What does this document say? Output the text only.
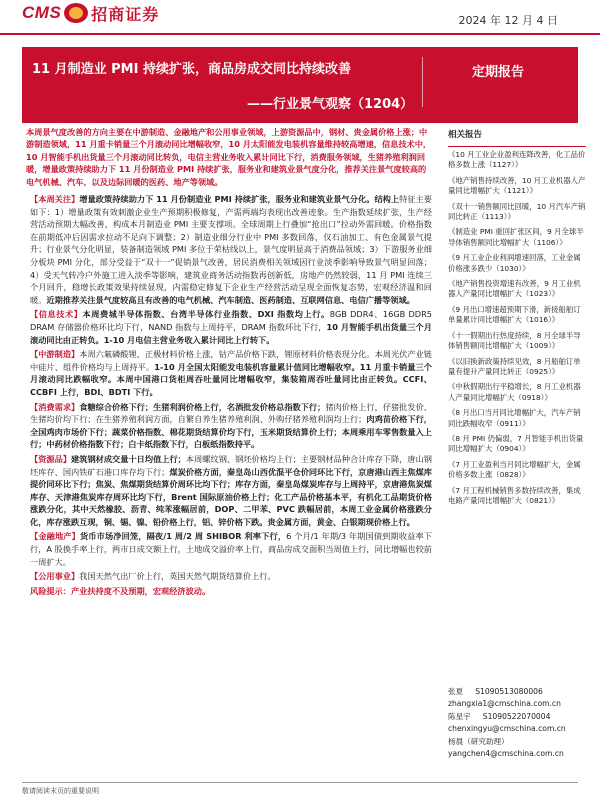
CMS 招商证券	2024 年 12 月 4 日
11 月制造业 PMI 持续扩张，商品房成交同比持续改善
——行业景气观察（1204）
定期报告
本周景气度改善的方向主要在中游制造、金融地产和公用事业领域，上游资源品中，钢材、贵金属价格上涨；中游制造领域，11 月重卡销量三个月滚动同比增幅收窄，10 月太阳能发电装机容量维持较高增速，信息技术中，10 月智能手机出货量三个月滚动同比转负，电信主营业务收入累计同比下行，消费服务领域，生猪养殖利润回暖，增量政策持续助力下 11 月份制造业 PMI 持续扩张，服务业和建筑业景气度分化，推荐关注景气度较高的电气机械、汽车、以及边际回暖的医药、地产等领域。
【本周关注】增量政策持续助力下 11 月份制造业 PMI 持续扩张，服务业和建筑业景气分化。结构上特征主要如下：1）增量政策有效刺激企业生产预期积极修复，产需两端均表现出改善迹象。生产指数延续扩张，生产经营活动预期大幅改善，构成本月制造业 PMI 主要支撑项。全球周期上行叠加“抢出口”拉动外需回暖。价格指数在前期低冲后因需求拉动不足向下调整；2）制造业细分行业中 PMI 多数回落，仅石油加工、有色金属景气提升；行业景气分化明显，装备制造领域 PMI 多位于荣枯线以上，景气度明显高于消费品领域；3）下游服务业细分板块 PMI 分化，部分受益于“双十一”促销景气改善，居民消费相关领域因行业淡季影响导致景气明显回落；4）受天气转冷户外施工进入淡季等影响，建筑业商务活动指数再创新低，房地产仍然较弱，11 月 PMI 连续三个月回升，稳增长政策效果持续显现，内需稳定修复下企业生产经营活动呈现全面恢复态势，宏观经济温和回暖。近期推荐关注景气度较高且有改善的电气机械、汽车制造、医药制造、互联网信息、电信广播等领域。
【信息技术】本周费城半导体指数、台湾半导体行业指数、DXI 指数均上行。8GB DDR4、16GB DDR5 DRAM 存储器价格环比均下行，NAND 指数与上周持平，DRAM 指数环比下行，10 月智能手机出货量三个月滚动同比由正转负。1-10 月电信主营业务收入累计同比上行转下。
【中游制造】本周六氟磷酸锂、正极材料价格上涨，钴产品价格下跌，锂原材料价格表现分化。本周光伏产业链中硅片、组件价格均与上周持平。1-10 月全国太阳能发电装机容量累计值同比增幅收窄。11 月重卡销量三个月滚动同比跌幅收窄。本周中国港口货柜周吞吐量同比增幅收窄，集装箱周吞吐量同比由正转负。CCFI、CCBFI 上行，BDI、BDTI 下行。
【消费需求】食糖综合价格下行；生猪利润价格上行，名酒批发价格总指数下行；猪肉价格上行，仔猪批发价、生猪均价均下行；在生猪养殖利润方面，自繁自养生猪养殖利润、外购仔猪养殖利润均上行；肉鸡苗价格下行，全国鸡肉市场价下行；蔬菜价格指数、棉花期货结算价均下行，玉米期货结算价上行；本周乘用车零售数量入上行；中药材价格指数下行；白卡纸指数下行，白板纸指数持平。
【资源品】建筑钢材成交量十日均值上行；本周螺纹钢、钢坯价格均上行；主要钢材品种合计库存下降，唐山钢坯库存、国内铁矿石港口库存均下行；煤炭价格方面，秦皇岛山西优混平仓价同环比下行，京唐港山西主焦煤库提价同环比下行；焦炭、焦煤期货结算价周环比均下行；库存方面，秦皇岛煤炭库存与上周持平，京唐港焦炭煤库存、天津港焦炭库存周环比均下行，Brent 国际原油价格上行；化工产品价格基本平，有机化工品期货价格涨跌分化，其中天然橡胶、沥青、纯苯涨幅居前，DOP、二甲苯、PVC 跌幅居前，本周工业金属价格涨跌分化，库存涨跌互现，铜、锡、镍、铅价格上行，铝、锌价格下跌。贵金属方面，黄金、白银期现价格上行。
【金融地产】货币市场净回笼，隔夜/1 周/2 周 SHIBOR 利率下行，6 个月/1 年期/3 年期国债到期收益率下行，A 股换手率上行，两市日成交额上行，土地成交溢价率上行，商品房成交面积当周值上行，同比增幅也较前一周扩大。
【公用事业】我国天然气出厂价上行，英国天然气期货结算价上行。
风险提示：产业扶持度不及预期，宏观经济波动。
相关报告
《10 月工业企业盈利连降改善，化工品价格多数上涨（1127）》
《地产销售持续改善，10 月工业机器人产量同比增幅扩大（1121）》
《双十一销售额同比回暖，10 月汽车产销同比转正（1113）》
《制造业 PMI 重回扩张区间，9 月全球半导体销售额同比增幅扩大（1106）》
《9 月工业企业利润增速回落，工业金属价格涨多跌少（1030）》
《地产销售投资增速有改善，9 月工业机器人产量同比增幅扩大（1023）》
《9 月出口增速超预期下滑，新接船舶订单量累计同比增幅扩大（1016）》
《十一假期出行热度持续，8 月全球半导体销售额同比增幅扩大（1009）》
《以旧换新政策持续见效，8 月船舶订单量有提升产量同比转正（0925）》
《中秋假期出行平稳增长，8 月工业机器人产量同比增幅扩大（0918）》
《8 月出口当月同比增幅扩大，汽车产销同比跌幅收窄（0911）》
《8 月 PMI 仍偏弱，7 月智能手机出货量同比增幅扩大（0904）》
《7 月工业盈利当月同比增幅扩大，金属价格多数上涨（0828）》
《7 月工程机械销售多数持续改善，集成电路产量同比增幅扩大（0821）》
张夏 S1090513080006
zhangxia1@cmschina.com.cn
陈星宇 S1090522070004
chenxingyu@cmschina.com.cn
杨晨（研究助理）
yangchen4@cmschina.com.cn
敬请阅读末页的重要说明
